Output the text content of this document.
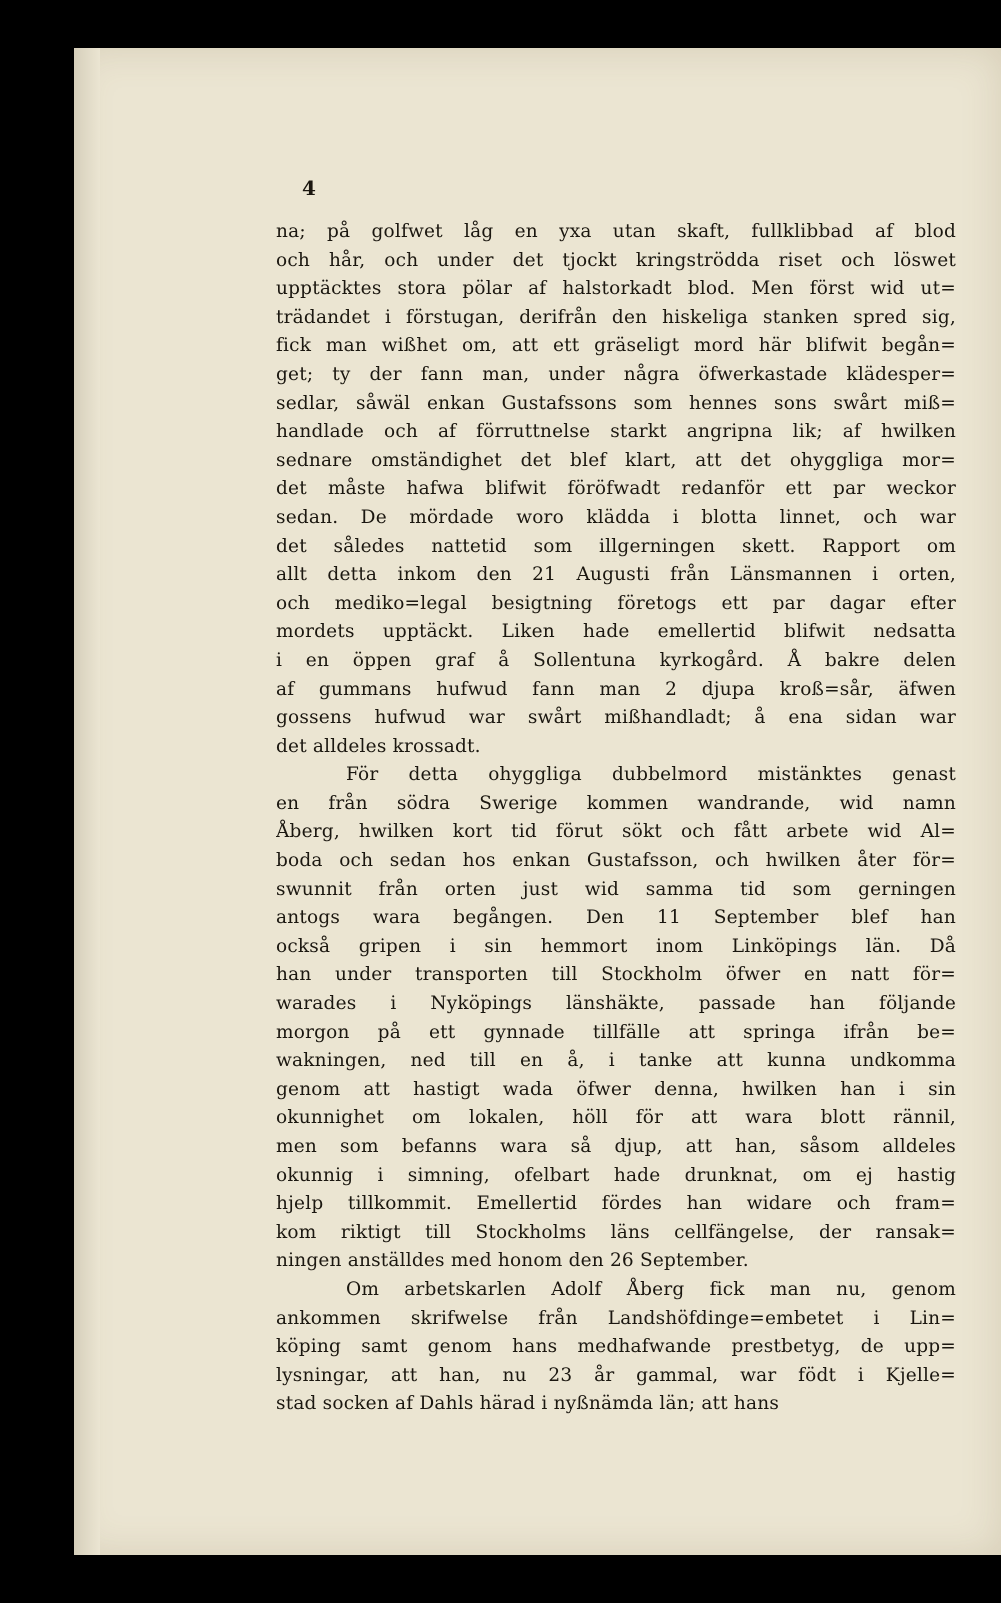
4
na; på golfwet låg en yxa utan skaft, fullklibbad af blod
och hår, och under det tjockt kringströdda riset och löswet
upptäcktes stora pölar af halstorkadt blod. Men först wid ut=
trädandet i förstugan, derifrån den hiskeliga stanken spred sig,
fick man wißhet om, att ett gräseligt mord här blifwit begån=
get; ty der fann man, under några öfwerkastade klädesper=
sedlar, såwäl enkan Gustafssons som hennes sons swårt miß=
handlade och af förruttnelse starkt angripna lik; af hwilken
sednare omständighet det blef klart, att det ohyggliga mor=
det måste hafwa blifwit föröfwadt redanför ett par weckor
sedan. De mördade woro klädda i blotta linnet, och war
det således nattetid som illgerningen skett. Rapport om
allt detta inkom den 21 Augusti från Länsmannen i orten,
och mediko=legal besigtning företogs ett par dagar efter
mordets upptäckt. Liken hade emellertid blifwit nedsatta
i en öppen graf å Sollentuna kyrkogård. Å bakre delen
af gummans hufwud fann man 2 djupa kroß=sår, äfwen
gossens hufwud war swårt mißhandladt; å ena sidan war
det alldeles krossadt.
För detta ohyggliga dubbelmord mistänktes genast
en från södra Swerige kommen wandrande, wid namn
Åberg, hwilken kort tid förut sökt och fått arbete wid Al=
boda och sedan hos enkan Gustafsson, och hwilken åter för=
swunnit från orten just wid samma tid som gerningen
antogs wara begången. Den 11 September blef han
också gripen i sin hemmort inom Linköpings län. Då
han under transporten till Stockholm öfwer en natt för=
warades i Nyköpings länshäkte, passade han följande
morgon på ett gynnade tillfälle att springa ifrån be=
wakningen, ned till en å, i tanke att kunna undkomma
genom att hastigt wada öfwer denna, hwilken han i sin
okunnighet om lokalen, höll för att wara blott rännil,
men som befanns wara så djup, att han, såsom alldeles
okunnig i simning, ofelbart hade drunknat, om ej hastig
hjelp tillkommit. Emellertid fördes han widare och fram=
kom riktigt till Stockholms läns cellfängelse, der ransak=
ningen anställdes med honom den 26 September.
Om arbetskarlen Adolf Åberg fick man nu, genom
ankommen skrifwelse från Landshöfdinge=embetet i Lin=
köping samt genom hans medhafwande prestbetyg, de upp=
lysningar, att han, nu 23 år gammal, war födt i Kjelle=
stad socken af Dahls härad i nyßnämda län; att hans
